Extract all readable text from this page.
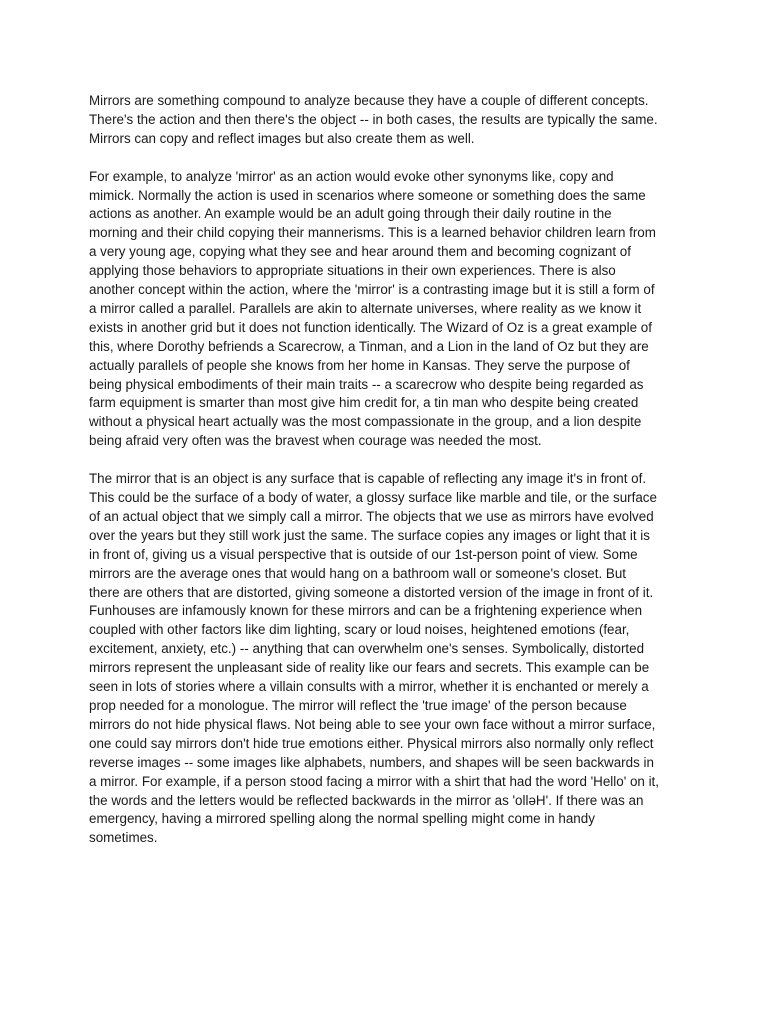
Mirrors are something compound to analyze because they have a couple of different concepts.
There's the action and then there's the object -- in both cases, the results are typically the same.
Mirrors can copy and reflect images but also create them as well.

For example, to analyze 'mirror' as an action would evoke other synonyms like, copy and
mimick. Normally the action is used in scenarios where someone or something does the same
actions as another. An example would be an adult going through their daily routine in the
morning and their child copying their mannerisms. This is a learned behavior children learn from
a very young age, copying what they see and hear around them and becoming cognizant of
applying those behaviors to appropriate situations in their own experiences. There is also
another concept within the action, where the 'mirror' is a contrasting image but it is still a form of
a mirror called a parallel. Parallels are akin to alternate universes, where reality as we know it
exists in another grid but it does not function identically. The Wizard of Oz is a great example of
this, where Dorothy befriends a Scarecrow, a Tinman, and a Lion in the land of Oz but they are
actually parallels of people she knows from her home in Kansas. They serve the purpose of
being physical embodiments of their main traits -- a scarecrow who despite being regarded as
farm equipment is smarter than most give him credit for, a tin man who despite being created
without a physical heart actually was the most compassionate in the group, and a lion despite
being afraid very often was the bravest when courage was needed the most.

The mirror that is an object is any surface that is capable of reflecting any image it's in front of.
This could be the surface of a body of water, a glossy surface like marble and tile, or the surface
of an actual object that we simply call a mirror. The objects that we use as mirrors have evolved
over the years but they still work just the same. The surface copies any images or light that it is
in front of, giving us a visual perspective that is outside of our 1st-person point of view. Some
mirrors are the average ones that would hang on a bathroom wall or someone's closet. But
there are others that are distorted, giving someone a distorted version of the image in front of it.
Funhouses are infamously known for these mirrors and can be a frightening experience when
coupled with other factors like dim lighting, scary or loud noises, heightened emotions (fear,
excitement, anxiety, etc.) -- anything that can overwhelm one's senses. Symbolically, distorted
mirrors represent the unpleasant side of reality like our fears and secrets. This example can be
seen in lots of stories where a villain consults with a mirror, whether it is enchanted or merely a
prop needed for a monologue. The mirror will reflect the 'true image' of the person because
mirrors do not hide physical flaws. Not being able to see your own face without a mirror surface,
one could say mirrors don't hide true emotions either. Physical mirrors also normally only reflect
reverse images -- some images like alphabets, numbers, and shapes will be seen backwards in
a mirror. For example, if a person stood facing a mirror with a shirt that had the word 'Hello' on it,
the words and the letters would be reflected backwards in the mirror as 'olləH'. If there was an
emergency, having a mirrored spelling along the normal spelling might come in handy
sometimes.
